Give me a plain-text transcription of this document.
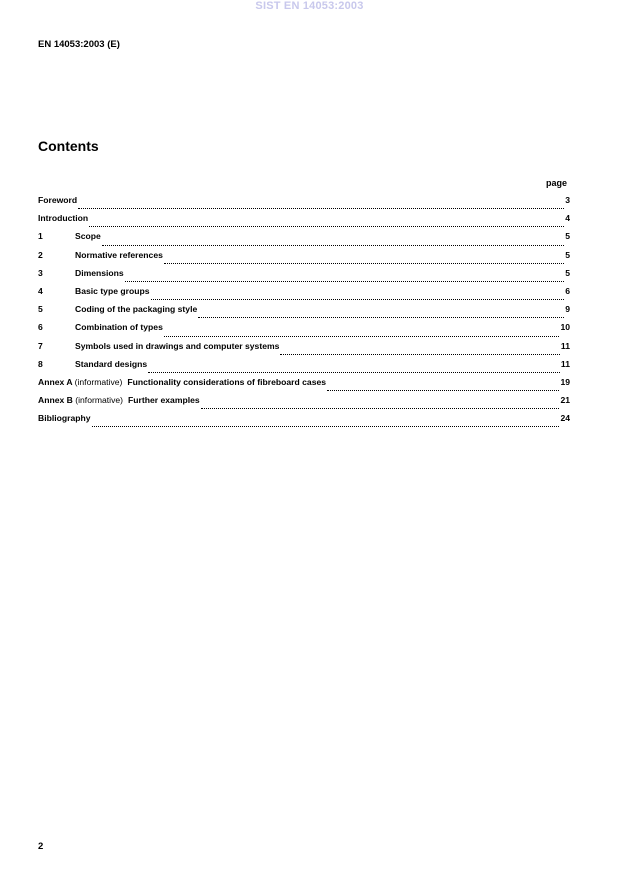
SIST EN 14053:2003
EN 14053:2003 (E)
Contents
page
Foreword	3
Introduction	4
1	Scope	5
2	Normative references	5
3	Dimensions	5
4	Basic type groups	6
5	Coding of the packaging style	9
6	Combination of types	10
7	Symbols used in drawings and computer systems	11
8	Standard designs	11
Annex A (informative) Functionality considerations of fibreboard cases	19
Annex B (informative) Further examples	21
Bibliography	24
2
